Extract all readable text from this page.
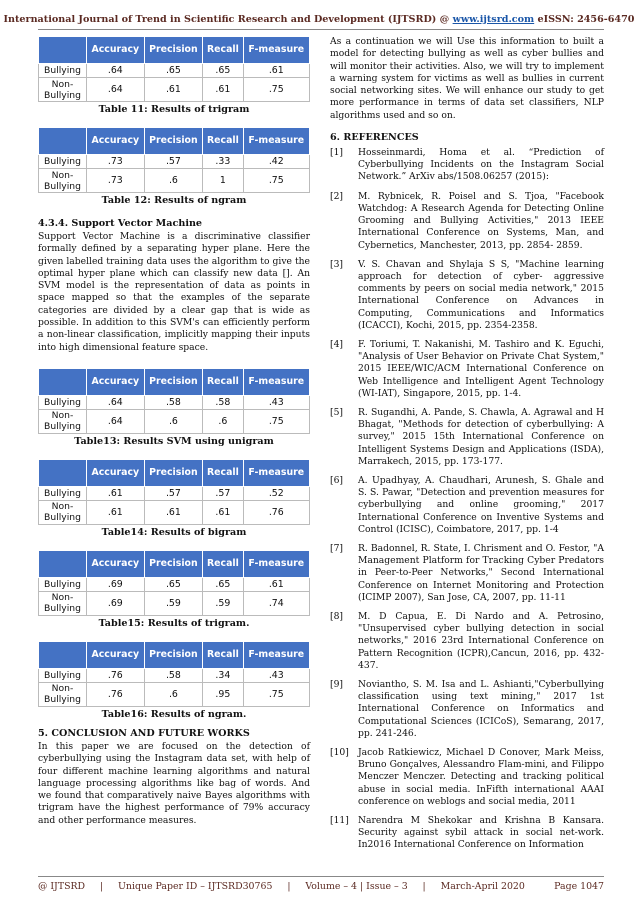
International Journal of Trend in Scientific Research and Development (IJTSRD) @ www.ijtsrd.com eISSN: 2456-6470
	Accuracy	Precision	Recall	F-measure
Bullying	.64	.65	.65	.61
Non-Bullying	.64	.61	.61	.75
Table 11: Results of trigram
	Accuracy	Precision	Recall	F-measure
Bullying	.73	.57	.33	.42
Non-Bullying	.73	.6	1	.75
Table 12: Results of ngram
4.3.4. Support Vector Machine
Support Vector Machine is a discriminative classifier formally defined by a separating hyper plane. Here the given labelled training data uses the algorithm to give the optimal hyper plane which can classify new data []. An SVM model is the representation of data as points in space mapped so that the examples of the separate categories are divided by a clear gap that is wide as possible. In addition to this SVM's can efficiently perform a non-linear classification, implicitly mapping their inputs into high dimensional feature space.
	Accuracy	Precision	Recall	F-measure
Bullying	.64	.58	.58	.43
Non-Bullying	.64	.6	.6	.75
Table13: Results SVM using unigram
	Accuracy	Precision	Recall	F-measure
Bullying	.61	.57	.57	.52
Non-Bullying	.61	.61	.61	.76
Table14: Results of bigram
	Accuracy	Precision	Recall	F-measure
Bullying	.69	.65	.65	.61
Non-Bullying	.69	.59	.59	.74
Table15: Results of trigram.
	Accuracy	Precision	Recall	F-measure
Bullying	.76	.58	.34	.43
Non-Bullying	.76	.6	.95	.75
Table16: Results of ngram.
5. CONCLUSION AND FUTURE WORKS
In this paper we are focused on the detection of cyberbullying using the Instagram data set, with help of four different machine learning algorithms and natural language processing algorithms like bag of words. And we found that comparatively naive Bayes algorithms with trigram have the highest performance of 79% accuracy and other performance measures.
As a continuation we will Use this information to built a model for detecting bullying as well as cyber bullies and will monitor their activities. Also, we will try to implement a warning system for victims as well as bullies in current social networking sites. We will enhance our study to get more performance in terms of data set classifiers, NLP algorithms used and so on.
6. REFERENCES
[1] Hosseinmardi, Homa et al. “Prediction of Cyberbullying Incidents on the Instagram Social Network.” ArXiv abs/1508.06257 (2015):
[2] M. Rybnicek, R. Poisel and S. Tjoa, "Facebook Watchdog: A Research Agenda for Detecting Online Grooming and Bullying Activities," 2013 IEEE International Conference on Systems, Man, and Cybernetics, Manchester, 2013, pp. 2854- 2859.
[3] V. S. Chavan and Shylaja S S, "Machine learning approach for detection of cyber- aggressive comments by peers on social media network," 2015 International Conference on Advances in Computing, Communications and Informatics (ICACCI), Kochi, 2015, pp. 2354-2358.
[4] F. Toriumi, T. Nakanishi, M. Tashiro and K. Eguchi, "Analysis of User Behavior on Private Chat System," 2015 IEEE/WIC/ACM International Conference on Web Intelligence and Intelligent Agent Technology (WI-IAT), Singapore, 2015, pp. 1-4.
[5] R. Sugandhi, A. Pande, S. Chawla, A. Agrawal and H Bhagat, "Methods for detection of cyberbullying: A survey," 2015 15th International Conference on Intelligent Systems Design and Applications (ISDA), Marrakech, 2015, pp. 173-177.
[6] A. Upadhyay, A. Chaudhari, Arunesh, S. Ghale and S. S. Pawar, "Detection and prevention measures for cyberbullying and online grooming," 2017 International Conference on Inventive Systems and Control (ICISC), Coimbatore, 2017, pp. 1-4
[7] R. Badonnel, R. State, I. Chrisment and O. Festor, "A Management Platform for Tracking Cyber Predators in Peer-to-Peer Networks," Second International Conference on Internet Monitoring and Protection (ICIMP 2007), San Jose, CA, 2007, pp. 11-11
[8] M. D Capua, E. Di Nardo and A. Petrosino, "Unsupervised cyber bullying detection in social networks," 2016 23rd International Conference on Pattern Recognition (ICPR),Cancun, 2016, pp. 432-437.
[9] Noviantho, S. M. Isa and L. Ashianti,"Cyberbullying classification using text mining," 2017 1st International Conference on Informatics and Computational Sciences (ICICoS), Semarang, 2017, pp. 241-246.
[10] Jacob Ratkiewicz, Michael D Conover, Mark Meiss, Bruno Gonçalves, Alessandro Flam-mini, and Filippo Menczer Menczer. Detecting and tracking political abuse in social media. InFifth international AAAI conference on weblogs and social media, 2011
[11] Narendra M Shekokar and Krishna B Kansara. Security against sybil attack in social net-work. In2016 International Conference on Information
@ IJTSRD     |     Unique Paper ID – IJTSRD30765     |     Volume – 4 | Issue – 3     |     March-April 2020	Page 1047
